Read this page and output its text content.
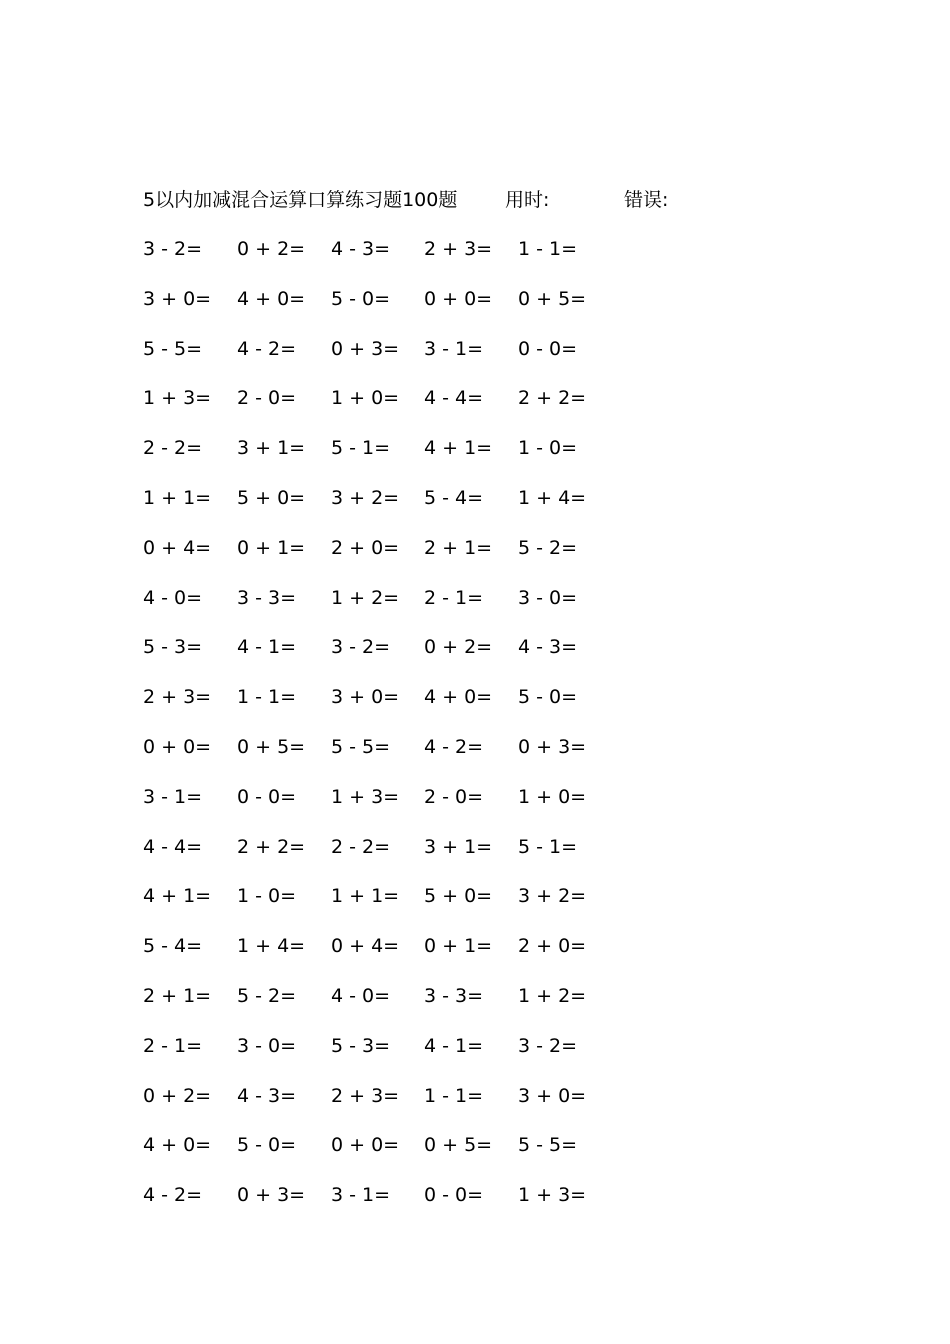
5以内加减混合运算口算练习题100题	用时:	错误:
3 - 2= 0 + 2= 4 - 3= 2 + 3= 1 - 1=
3 + 0= 4 + 0= 5 - 0= 0 + 0= 0 + 5=
5 - 5= 4 - 2= 0 + 3= 3 - 1= 0 - 0=
1 + 3= 2 - 0= 1 + 0= 4 - 4= 2 + 2=
2 - 2= 3 + 1= 5 - 1= 4 + 1= 1 - 0=
1 + 1= 5 + 0= 3 + 2= 5 - 4= 1 + 4=
0 + 4= 0 + 1= 2 + 0= 2 + 1= 5 - 2=
4 - 0= 3 - 3= 1 + 2= 2 - 1= 3 - 0=
5 - 3= 4 - 1= 3 - 2= 0 + 2= 4 - 3=
2 + 3= 1 - 1= 3 + 0= 4 + 0= 5 - 0=
0 + 0= 0 + 5= 5 - 5= 4 - 2= 0 + 3=
3 - 1= 0 - 0= 1 + 3= 2 - 0= 1 + 0=
4 - 4= 2 + 2= 2 - 2= 3 + 1= 5 - 1=
4 + 1= 1 - 0= 1 + 1= 5 + 0= 3 + 2=
5 - 4= 1 + 4= 0 + 4= 0 + 1= 2 + 0=
2 + 1= 5 - 2= 4 - 0= 3 - 3= 1 + 2=
2 - 1= 3 - 0= 5 - 3= 4 - 1= 3 - 2=
0 + 2= 4 - 3= 2 + 3= 1 - 1= 3 + 0=
4 + 0= 5 - 0= 0 + 0= 0 + 5= 5 - 5=
4 - 2= 0 + 3= 3 - 1= 0 - 0= 1 + 3=
